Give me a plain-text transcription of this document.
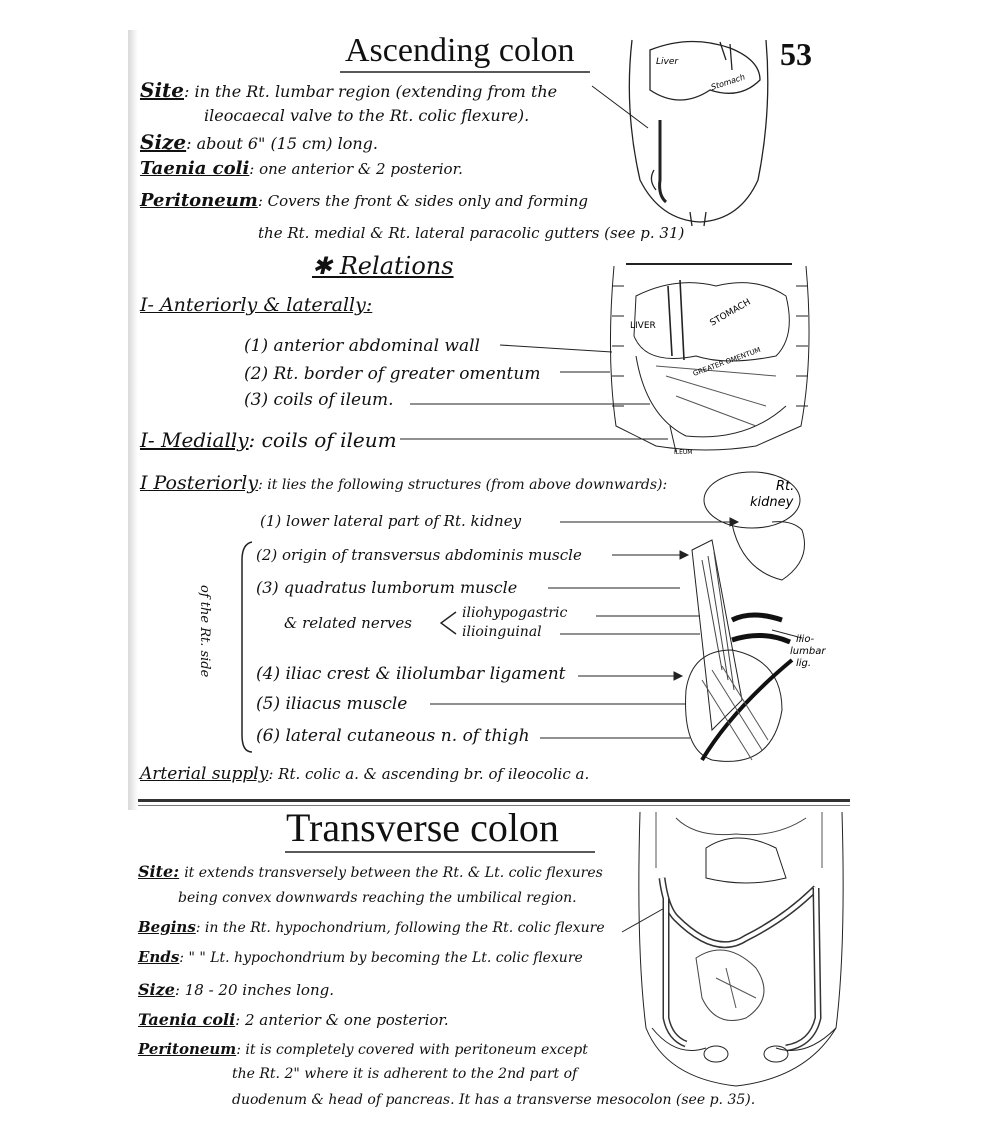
53
Ascending colon
Site: in the Rt. lumbar region (extending from the
ileocaecal valve to the Rt. colic flexure).
Size: about 6" (15 cm) long.
Taenia coli: one anterior & 2 posterior.
Peritoneum: Covers the front & sides only and forming
the Rt. medial & Rt. lateral paracolic gutters (see p. 31)
✱ Relations
I- Anteriorly & laterally:
(1) anterior abdominal wall
(2) Rt. border of greater omentum
(3) coils of ileum.
I- Medially: coils of ileum
I Posteriorly: it lies the following structures (from above downwards):
(1) lower lateral part of Rt. kidney
of the Rt. side
(2) origin of transversus abdominis muscle
(3) quadratus lumborum muscle
& related nerves
iliohypogastric
ilioinguinal
(4) iliac crest & iliolumbar ligament
(5) iliacus muscle
(6) lateral cutaneous n. of thigh
Arterial supply: Rt. colic a. & ascending br. of ileocolic a.
Liver
Stomach
LIVER	STOMACH
GREATER OMENTUM
ILEUM
Rt. kidney
ilio-lumbar lig.
Transverse colon
Site: it extends transversely between the Rt. & Lt. colic flexures
being convex downwards reaching the umbilical region.
Begins: in the Rt. hypochondrium, following the Rt. colic flexure
Ends: " " Lt. hypochondrium by becoming the Lt. colic flexure
Size: 18 - 20 inches long.
Taenia coli: 2 anterior & one posterior.
Peritoneum: it is completely covered with peritoneum except
the Rt. 2" where it is adherent to the 2nd part of
duodenum & head of pancreas. It has a transverse mesocolon (see p. 35).
